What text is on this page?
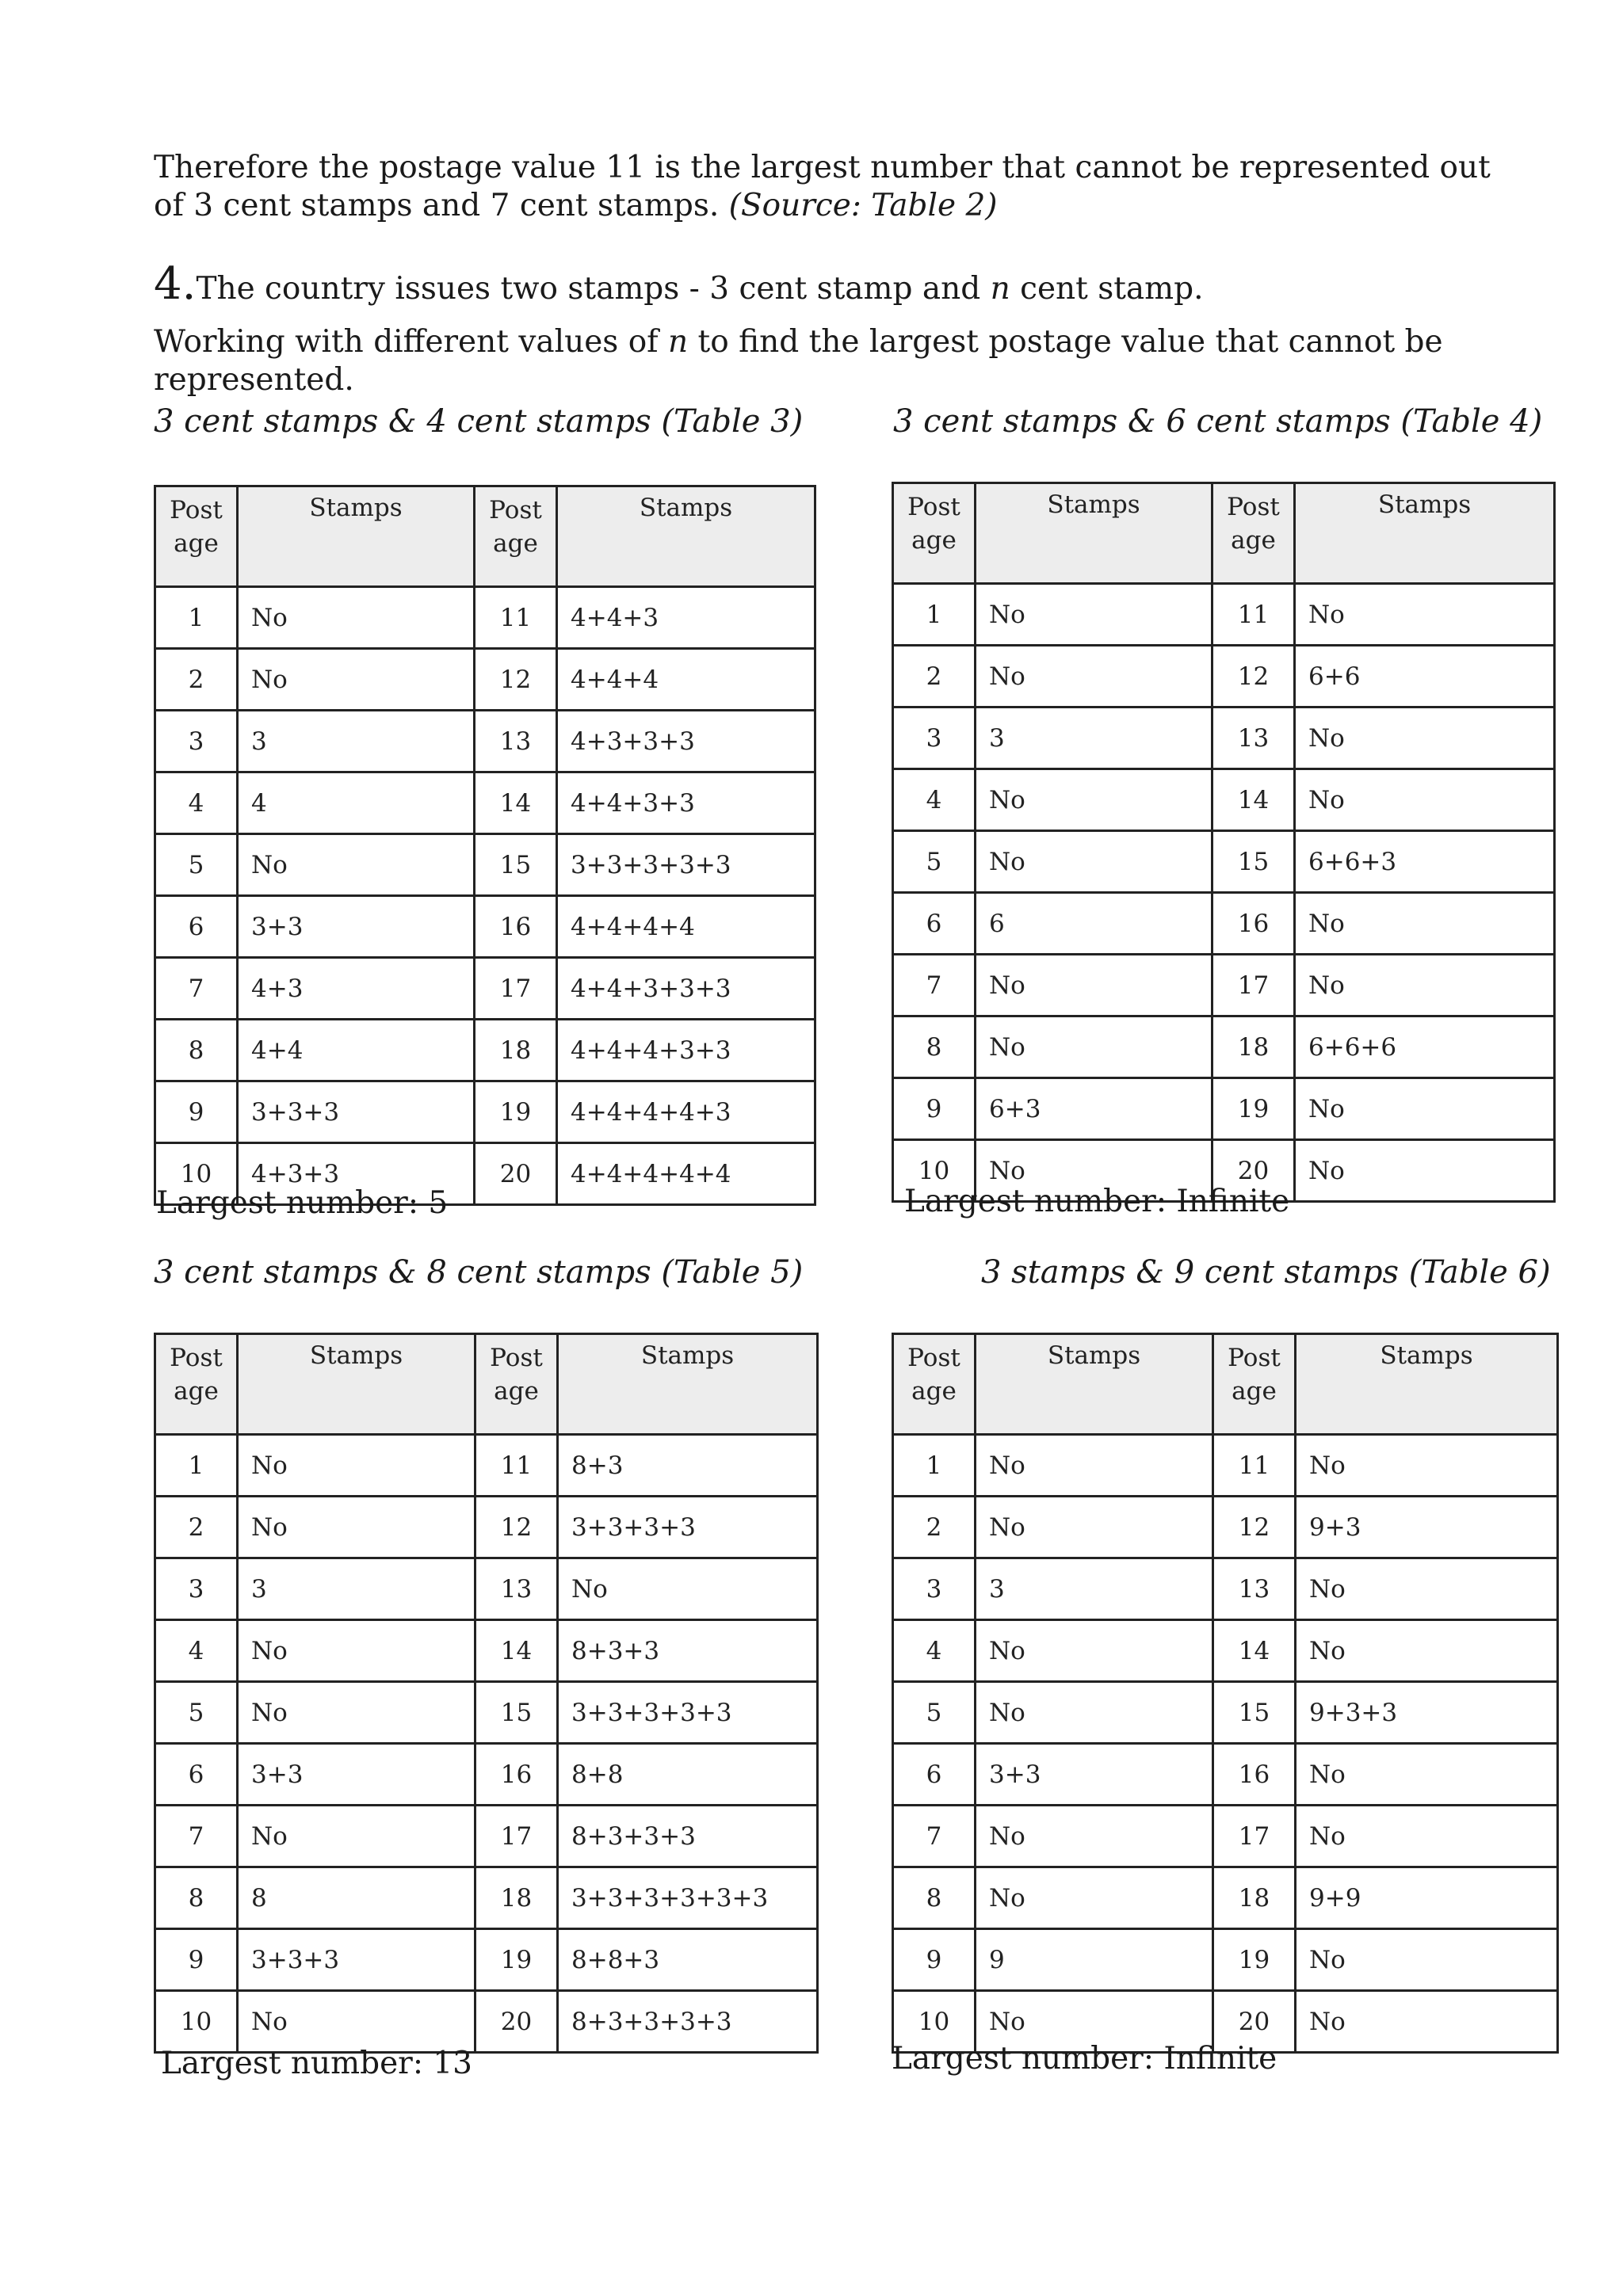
Therefore the postage value 11 is the largest number that cannot be represented out of 3 cent stamps and 7 cent stamps. (Source: Table 2)

4.The country issues two stamps - 3 cent stamp and n cent stamp.

Working with different values of n to find the largest postage value that cannot be represented.

3 cent stamps & 4 cent stamps (Table 3)
Post
age	Stamps	Post
age	Stamps
1	No	11	4+4+3
2	No	12	4+4+4
3	3	13	4+3+3+3
4	4	14	4+4+3+3
5	No	15	3+3+3+3+3
6	3+3	16	4+4+4+4
7	4+3	17	4+4+3+3+3
8	4+4	18	4+4+4+3+3
9	3+3+3	19	4+4+4+4+3
10	4+3+3	20	4+4+4+4+4
Largest number: 5
3 cent stamps & 6 cent stamps (Table 4)
Post
age	Stamps	Post
age	Stamps
1	No	11	No
2	No	12	6+6
3	3	13	No
4	No	14	No
5	No	15	6+6+3
6	6	16	No
7	No	17	No
8	No	18	6+6+6
9	6+3	19	No
10	No	20	No
Largest number: Infinite
3 cent stamps & 8 cent stamps (Table 5)
Post
age	Stamps	Post
age	Stamps
1	No	11	8+3
2	No	12	3+3+3+3
3	3	13	No
4	No	14	8+3+3
5	No	15	3+3+3+3+3
6	3+3	16	8+8
7	No	17	8+3+3+3
8	8	18	3+3+3+3+3+3
9	3+3+3	19	8+8+3
10	No	20	8+3+3+3+3
Largest number: 13
3 stamps & 9 cent stamps (Table 6)
Post
age	Stamps	Post
age	Stamps
1	No	11	No
2	No	12	9+3
3	3	13	No
4	No	14	No
5	No	15	9+3+3
6	3+3	16	No
7	No	17	No
8	No	18	9+9
9	9	19	No
10	No	20	No
Largest number: Infinite
